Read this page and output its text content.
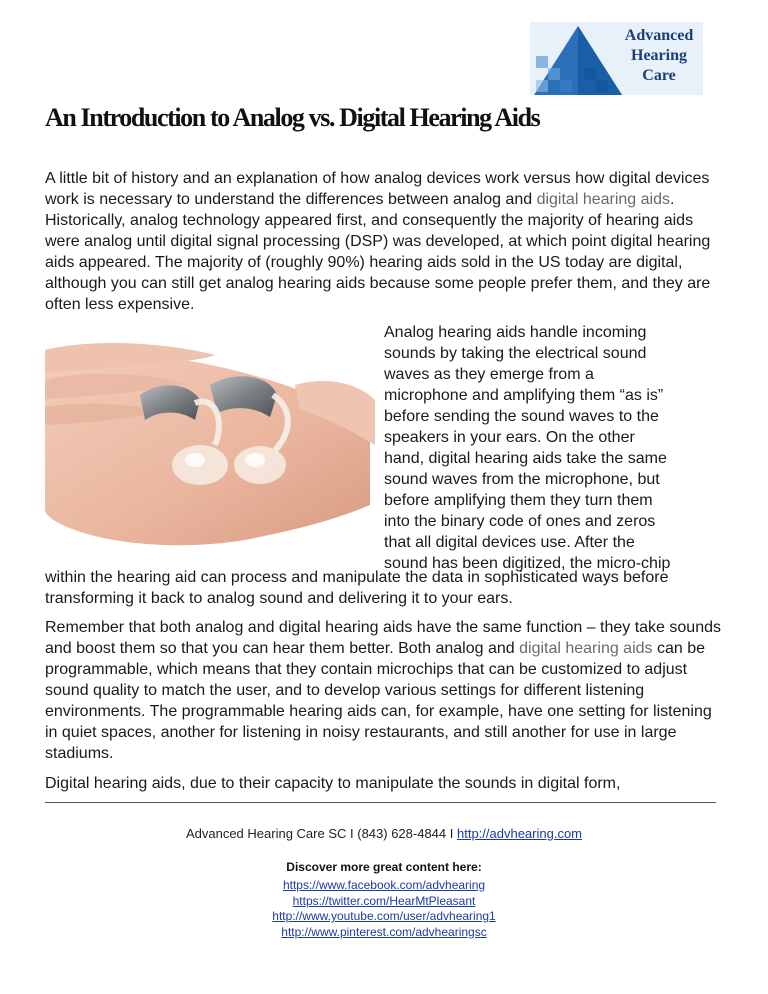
Advanced
Hearing
Care
An Introduction to Analog vs. Digital Hearing Aids

A little bit of history and an explanation of how analog devices work versus how digital devices work is necessary to understand the differences between analog and digital hearing aids. Historically, analog technology appeared first, and consequently the majority of hearing aids were analog until digital signal processing (DSP) was developed, at which point digital hearing aids appeared. The majority of (roughly 90%) hearing aids sold in the US today are digital, although you can still get analog hearing aids because some people prefer them, and they are often less expensive.

Analog hearing aids handle incoming
sounds by taking the electrical sound
waves as they emerge from a
microphone and amplifying them “as is”
before sending the sound waves to the
speakers in your ears. On the other
hand, digital hearing aids take the same
sound waves from the microphone, but
before amplifying them they turn them
into the binary code of ones and zeros
that all digital devices use. After the
sound has been digitized, the micro-chip

within the hearing aid can process and manipulate the data in sophisticated ways before transforming it back to analog sound and delivering it to your ears.

Remember that both analog and digital hearing aids have the same function – they take sounds and boost them so that you can hear them better. Both analog and digital hearing aids can be programmable, which means that they contain microchips that can be customized to adjust sound quality to match the user, and to develop various settings for different listening environments. The programmable hearing aids can, for example, have one setting for listening in quiet spaces, another for listening in noisy restaurants, and still another for use in large stadiums.

Digital hearing aids, due to their capacity to manipulate the sounds in digital form,

Advanced Hearing Care SC I (843) 628-4844 I http://advhearing.com
Discover more great content here:
https://www.facebook.com/advhearing
https://twitter.com/HearMtPleasant
http://www.youtube.com/user/advhearing1
http://www.pinterest.com/advhearingsc
